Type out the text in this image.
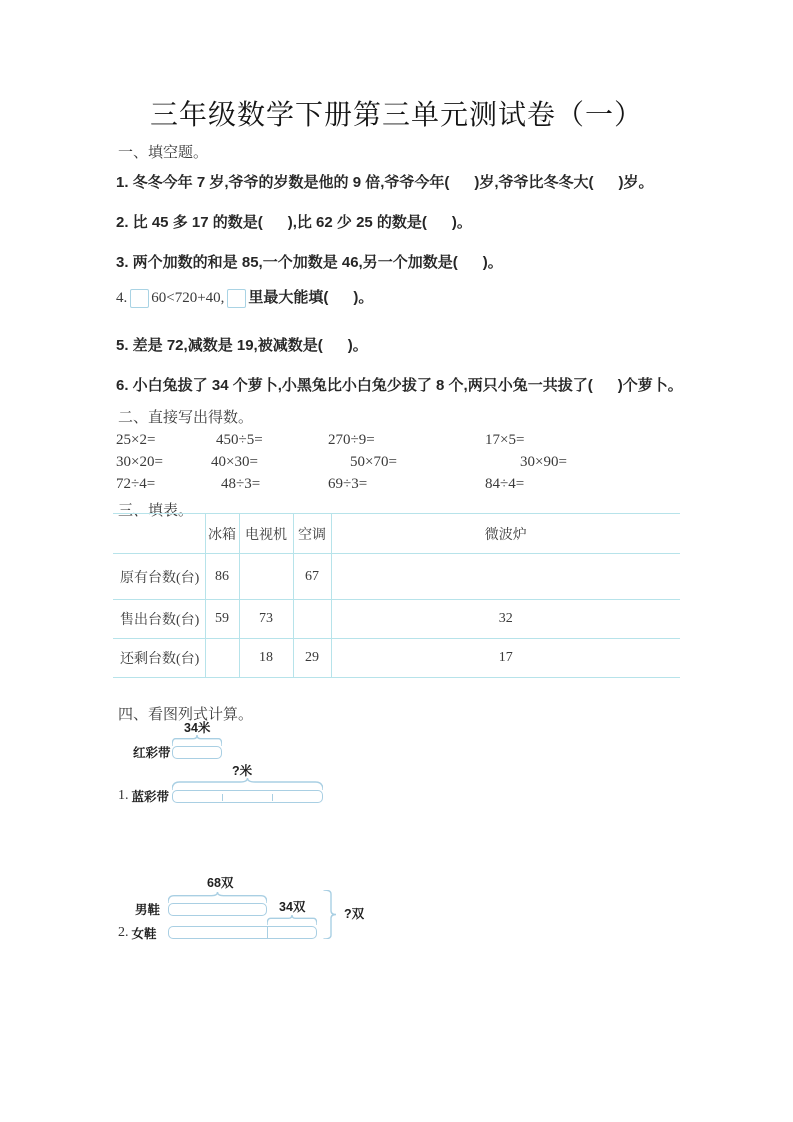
三年级数学下册第三单元测试卷（一）
一、填空题。
1. 冬冬今年 7 岁,爷爷的岁数是他的 9 倍,爷爷今年(      )岁,爷爷比冬冬大(      )岁。
2. 比 45 多 17 的数是(      ),比 62 少 25 的数是(      )。
3. 两个加数的和是 85,一个加数是 46,另一个加数是(      )。
4. 60<720+40, 里最大能填(      )。
5. 差是 72,减数是 19,被减数是(      )。
6. 小白兔拔了 34 个萝卜,小黑兔比小白兔少拔了 8 个,两只小兔一共拔了(      )个萝卜。
二、直接写出得数。
25×2=	450÷5=	270÷9=	17×5=
30×20=	40×30=	50×70=	30×90=
72÷4=	48÷3=	69÷3=	84÷4=
三、填表。
	冰箱	电视机	空调	微波炉
原有台数(台)	86		67	
售出台数(台)	59	73		32
还剩台数(台)		18	29	17
四、看图列式计算。
34米
红彩带
?米
1. 蓝彩带
68双
男鞋	34双
2. 女鞋
?双
